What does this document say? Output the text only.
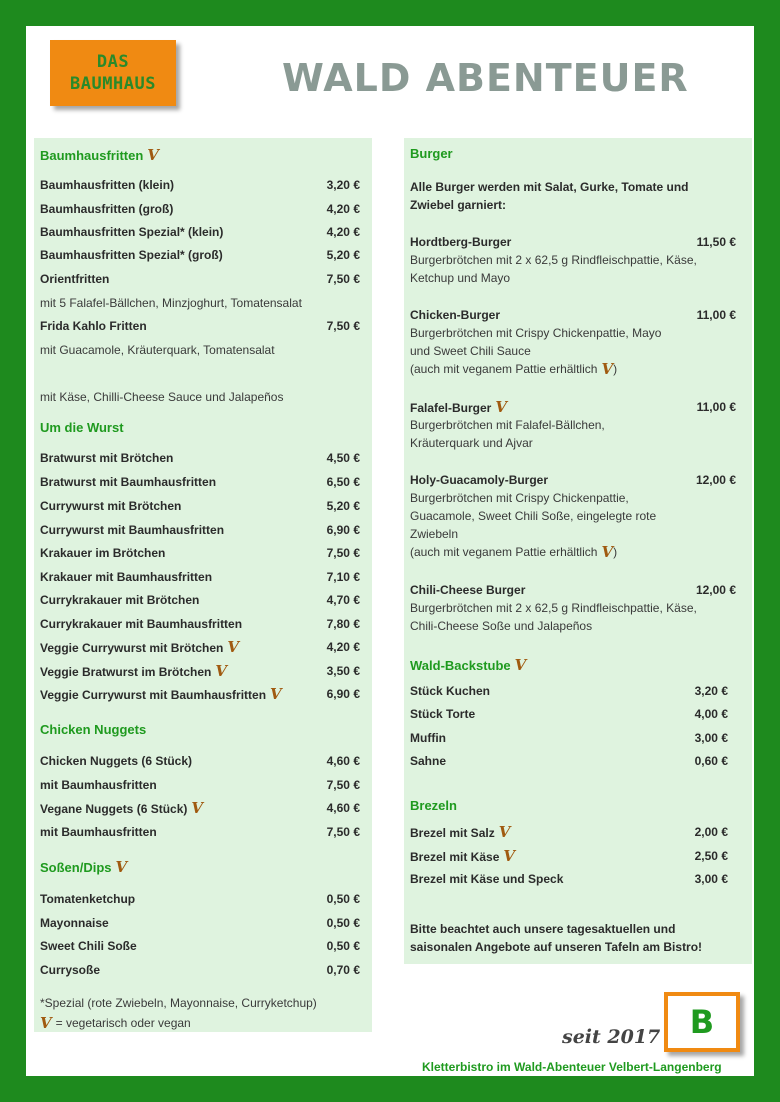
DAS
BAUMHAUS	WALD ABENTEUER
Baumhausfritten V
Baumhausfritten (klein)	3,20 €
Baumhausfritten (groß)	4,20 €
Baumhausfritten Spezial* (klein)	4,20 €
Baumhausfritten Spezial* (groß)	5,20 €
Orientfritten	7,50 €
mit 5 Falafel-Bällchen, Minzjoghurt, Tomatensalat
Frida Kahlo Fritten	7,50 €
mit Guacamole, Kräuterquark, Tomatensalat
mit Käse, Chilli-Cheese Sauce und Jalapeños
Um die Wurst
Bratwurst mit Brötchen	4,50 €
Bratwurst mit Baumhausfritten	6,50 €
Currywurst mit Brötchen	5,20 €
Currywurst mit Baumhausfritten	6,90 €
Krakauer im Brötchen	7,50 €
Krakauer mit Baumhausfritten	7,10 €
Currykrakauer mit Brötchen	4,70 €
Currykrakauer mit Baumhausfritten	7,80 €
Veggie Currywurst mit Brötchen V	4,20 €
Veggie Bratwurst im Brötchen V	3,50 €
Veggie Currywurst mit Baumhausfritten V	6,90 €
Chicken Nuggets
Chicken Nuggets (6 Stück)	4,60 €
mit Baumhausfritten	7,50 €
Vegane Nuggets (6 Stück) V	4,60 €
mit Baumhausfritten	7,50 €
Soßen/Dips V
Tomatenketchup	0,50 €
Mayonnaise	0,50 €
Sweet Chili Soße	0,50 €
Currysoße	0,70 €
*Spezial (rote Zwiebeln, Mayonnaise, Curryketchup)
V = vegetarisch oder vegan
Burger
Alle Burger werden mit Salat, Gurke, Tomate und Zwiebel garniert:
Hordtberg-Burger	11,50 €
Burgerbrötchen mit 2 x 62,5 g Rindfleischpattie, Käse, Ketchup und Mayo
Chicken-Burger	11,00 €
Burgerbrötchen mit Crispy Chickenpattie, Mayo und Sweet Chili Sauce
(auch mit veganem Pattie erhältlich V )
Falafel-Burger V	11,00 €
Burgerbrötchen mit Falafel-Bällchen, Kräuterquark und Ajvar
Holy-Guacamoly-Burger	12,00 €
Burgerbrötchen mit Crispy Chickenpattie, Guacamole, Sweet Chili Soße, eingelegte rote Zwiebeln
(auch mit veganem Pattie erhältlich V )
Chili-Cheese Burger	12,00 €
Burgerbrötchen mit 2 x 62,5 g Rindfleischpattie, Käse, Chili-Cheese Soße und Jalapeños
Wald-Backstube V
Stück Kuchen	3,20 €
Stück Torte	4,00 €
Muffin	3,00 €
Sahne	0,60 €
Brezeln
Brezel mit Salz V	2,00 €
Brezel mit Käse V	2,50 €
Brezel mit Käse und Speck	3,00 €
Bitte beachtet auch unsere tagesaktuellen und saisonalen Angebote auf unseren Tafeln am Bistro!
seit 2017 B
Kletterbistro im Wald-Abenteuer Velbert-Langenberg
